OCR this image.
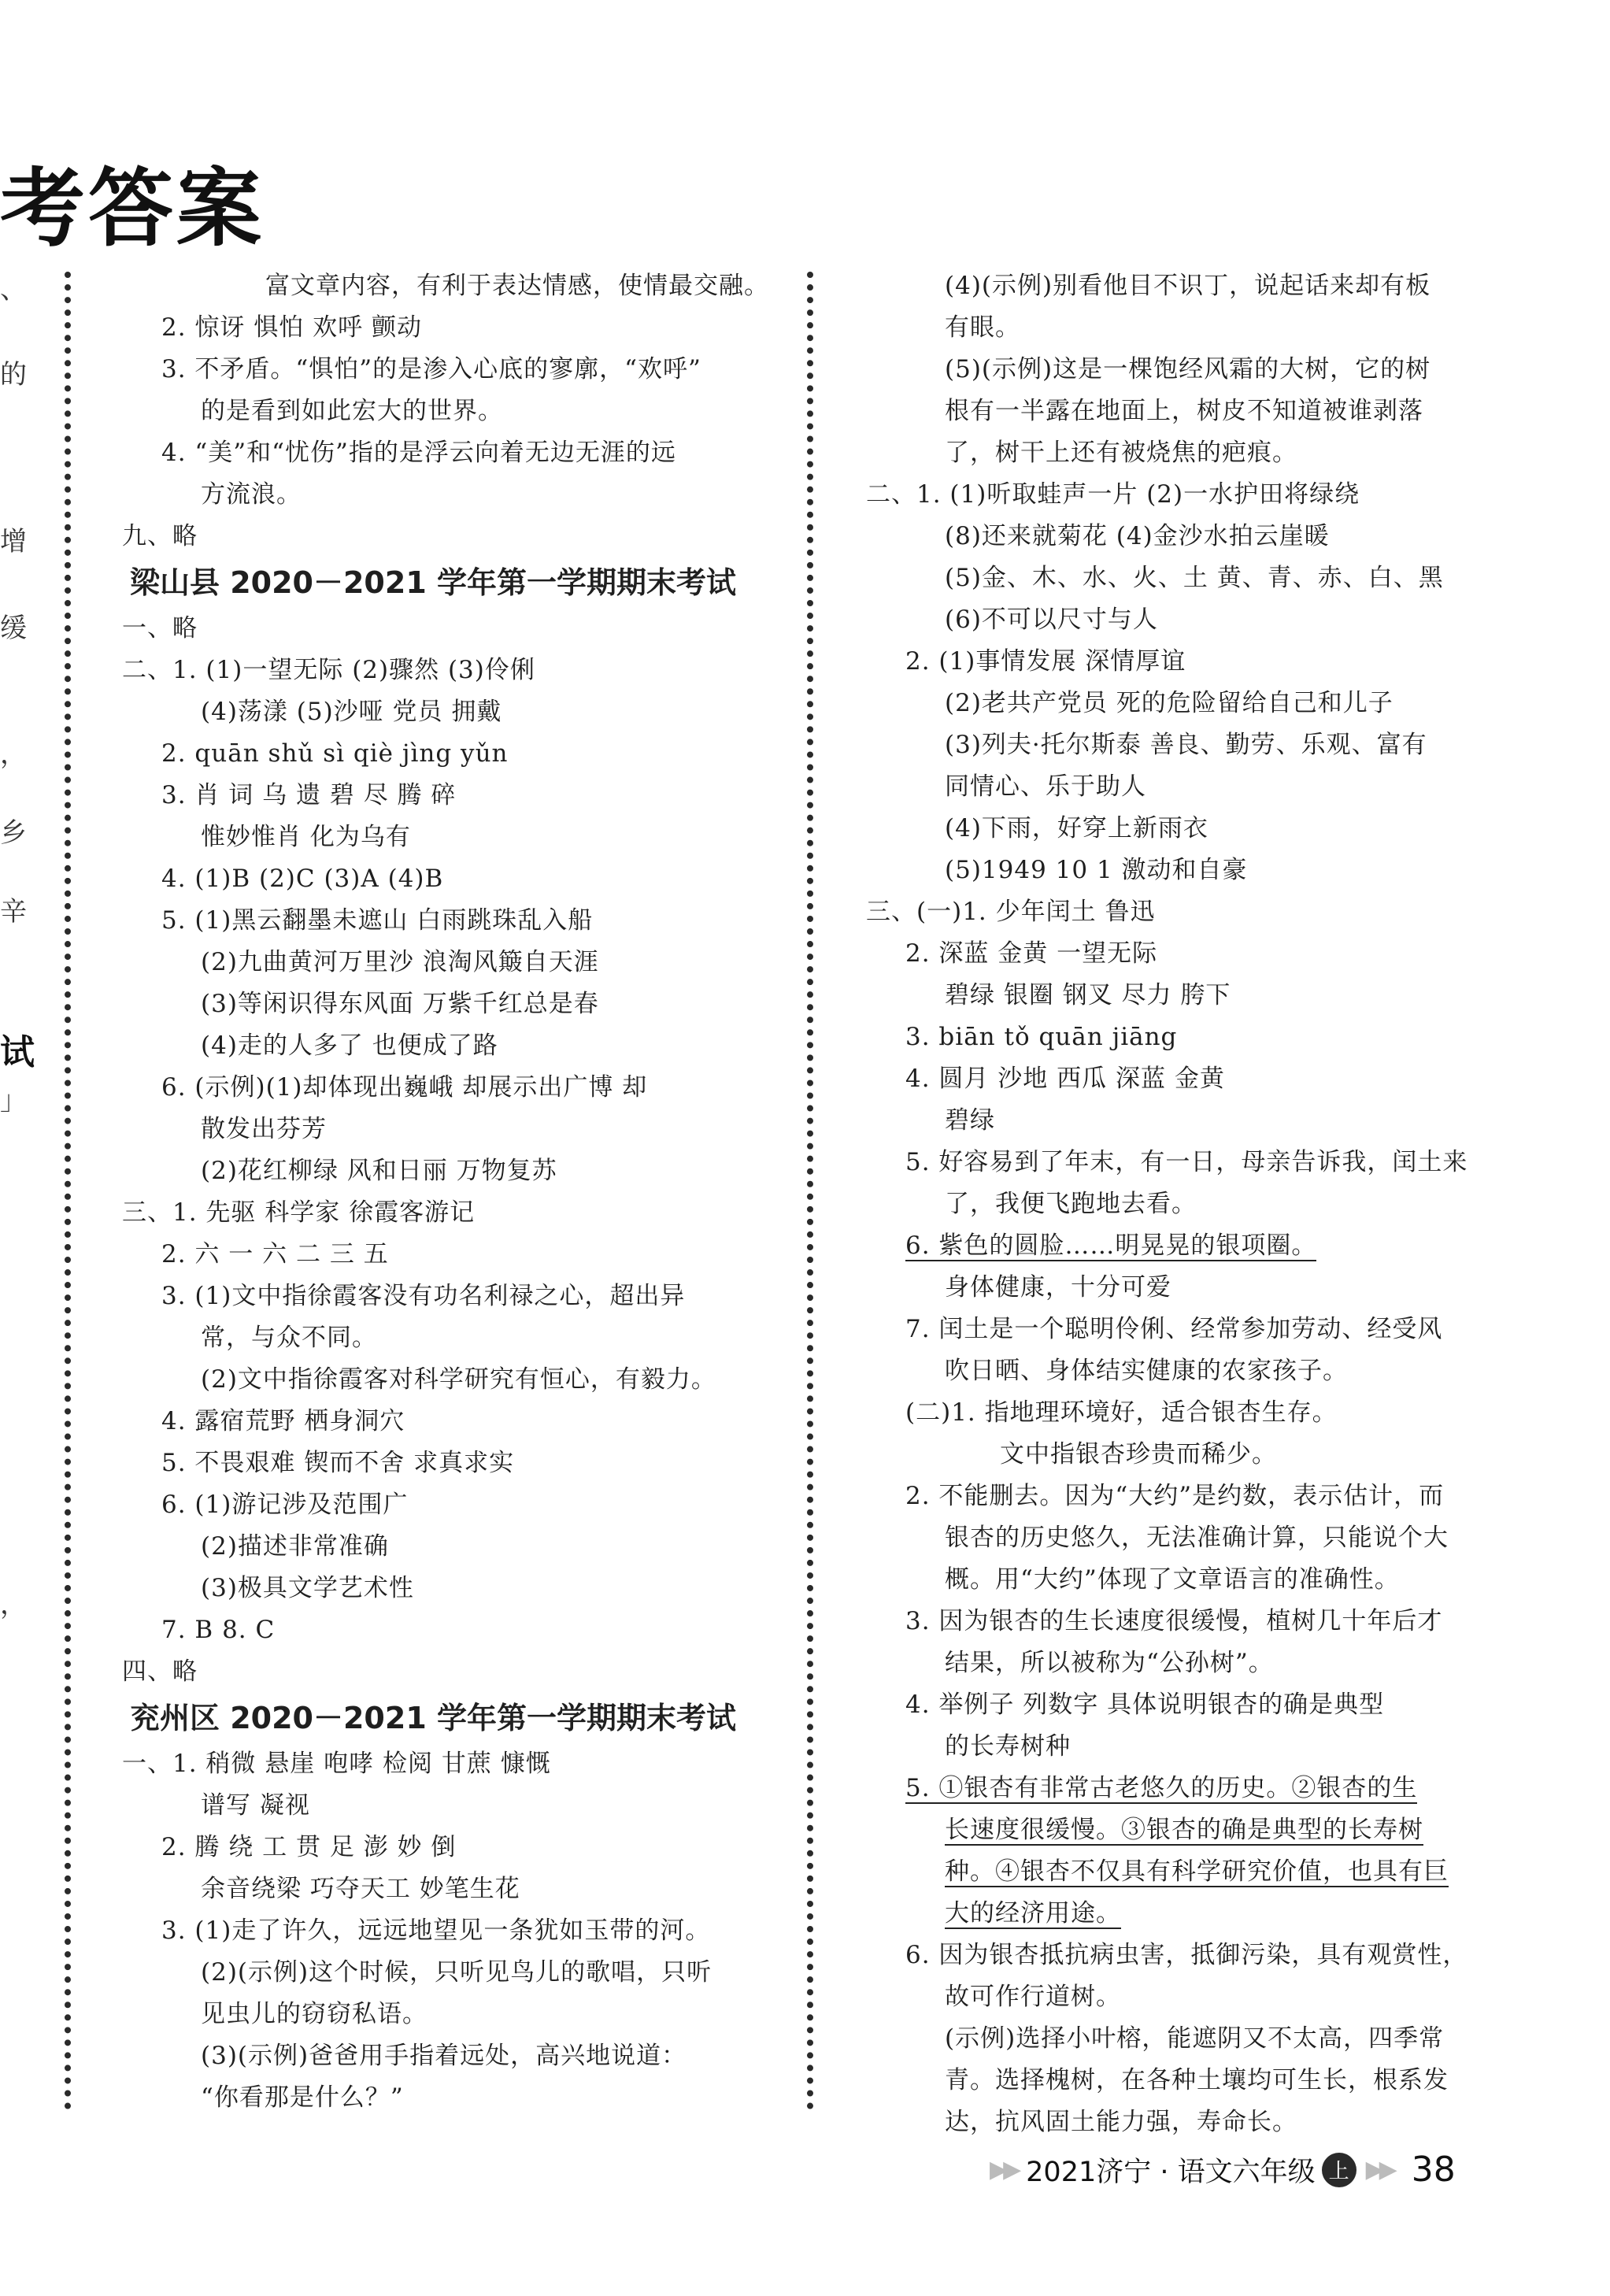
考答案
、
的
增
缓
，
乡
辛
试
」
，
富文章内容，有利于表达情感，使情最交融。
2. 惊讶 惧怕 欢呼 颤动
3. 不矛盾。“惧怕”的是渗入心底的寥廓，“欢呼”
的是看到如此宏大的世界。
4. “美”和“忧伤”指的是浮云向着无边无涯的远
方流浪。
九、略
梁山县 2020－2021 学年第一学期期末考试
一、略
二、1. (1)一望无际 (2)骤然 (3)伶俐
(4)荡漾 (5)沙哑 党员 拥戴
2. quān shǔ sì qiè jìng yǔn
3. 肖 词 乌 遗 碧 尽 腾 碎
惟妙惟肖 化为乌有
4. (1)B (2)C (3)A (4)B
5. (1)黑云翻墨未遮山 白雨跳珠乱入船
(2)九曲黄河万里沙 浪淘风簸自天涯
(3)等闲识得东风面 万紫千红总是春
(4)走的人多了 也便成了路
6. (示例)(1)却体现出巍峨 却展示出广博 却
散发出芬芳
(2)花红柳绿 风和日丽 万物复苏
三、1. 先驱 科学家 徐霞客游记
2. 六 一 六 二 三 五
3. (1)文中指徐霞客没有功名利禄之心，超出异
常，与众不同。
(2)文中指徐霞客对科学研究有恒心，有毅力。
4. 露宿荒野 栖身洞穴
5. 不畏艰难 锲而不舍 求真求实
6. (1)游记涉及范围广
(2)描述非常准确
(3)极具文学艺术性
7. B 8. C
四、略
兖州区 2020－2021 学年第一学期期末考试
一、1. 稍微 悬崖 咆哮 检阅 甘蔗 慷慨
谱写 凝视
2. 腾 绕 工 贯 足 澎 妙 倒
余音绕梁 巧夺天工 妙笔生花
3. (1)走了许久，远远地望见一条犹如玉带的河。
(2)(示例)这个时候，只听见鸟儿的歌唱，只听
见虫儿的窃窃私语。
(3)(示例)爸爸用手指着远处，高兴地说道：
“你看那是什么？”
(4)(示例)别看他目不识丁，说起话来却有板
有眼。
(5)(示例)这是一棵饱经风霜的大树，它的树
根有一半露在地面上，树皮不知道被谁剥落
了，树干上还有被烧焦的疤痕。
二、1. (1)听取蛙声一片 (2)一水护田将绿绕
(8)还来就菊花 (4)金沙水拍云崖暖
(5)金、木、水、火、土 黄、青、赤、白、黑
(6)不可以尺寸与人
2. (1)事情发展 深情厚谊
(2)老共产党员 死的危险留给自己和儿子
(3)列夫·托尔斯泰 善良、勤劳、乐观、富有
同情心、乐于助人
(4)下雨，好穿上新雨衣
(5)1949 10 1 激动和自豪
三、(一)1. 少年闰土 鲁迅
2. 深蓝 金黄 一望无际
碧绿 银圈 钢叉 尽力 胯下
3. biān tǒ quān jiāng
4. 圆月 沙地 西瓜 深蓝 金黄
碧绿
5. 好容易到了年末，有一日，母亲告诉我，闰土来
了，我便飞跑地去看。
6. 紫色的圆脸……明晃晃的银项圈。
身体健康，十分可爱
7. 闰土是一个聪明伶俐、经常参加劳动、经受风
吹日晒、身体结实健康的农家孩子。
(二)1. 指地理环境好，适合银杏生存。
文中指银杏珍贵而稀少。
2. 不能删去。因为“大约”是约数，表示估计，而
银杏的历史悠久，无法准确计算，只能说个大
概。用“大约”体现了文章语言的准确性。
3. 因为银杏的生长速度很缓慢，植树几十年后才
结果，所以被称为“公孙树”。
4. 举例子 列数字 具体说明银杏的确是典型
的长寿树种
5. ①银杏有非常古老悠久的历史。②银杏的生
长速度很缓慢。③银杏的确是典型的长寿树
种。④银杏不仅具有科学研究价值，也具有巨
大的经济用途。
6. 因为银杏抵抗病虫害，抵御污染，具有观赏性，
故可作行道树。
(示例)选择小叶榕，能遮阴又不太高，四季常
青。选择槐树，在各种土壤均可生长，根系发
达，抗风固土能力强，寿命长。
▶▶ 2021济宁 · 语文六年级 上 ▶▶ 38
